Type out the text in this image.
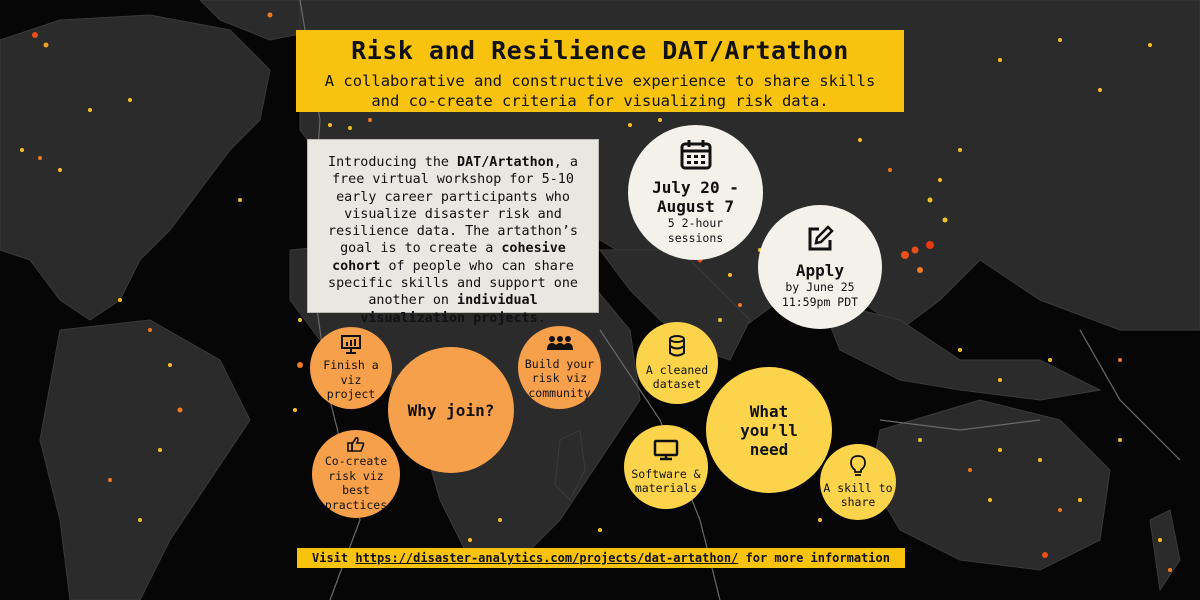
Risk and Resilience DAT/Artathon
A collaborative and constructive experience to share skills and co-create criteria for visualizing risk data.
Introducing the DAT/Artathon, a free virtual workshop for 5-10 early career participants who visualize disaster risk and resilience data. The artathon’s goal is to create a cohesive cohort of people who can share specific skills and support one another on individual visualization projects.
July 20 -
August 7
5 2-hour
sessions
Apply
by June 25
11:59pm PDT
Why join?
Finish a
viz
project
Build your
risk viz
community
Co-create
risk viz
best
practices
What
you’ll
need
A cleaned
dataset
Software &
materials	A skill to
share
Visit https://disaster-analytics.com/projects/dat-artathon/ for more information
